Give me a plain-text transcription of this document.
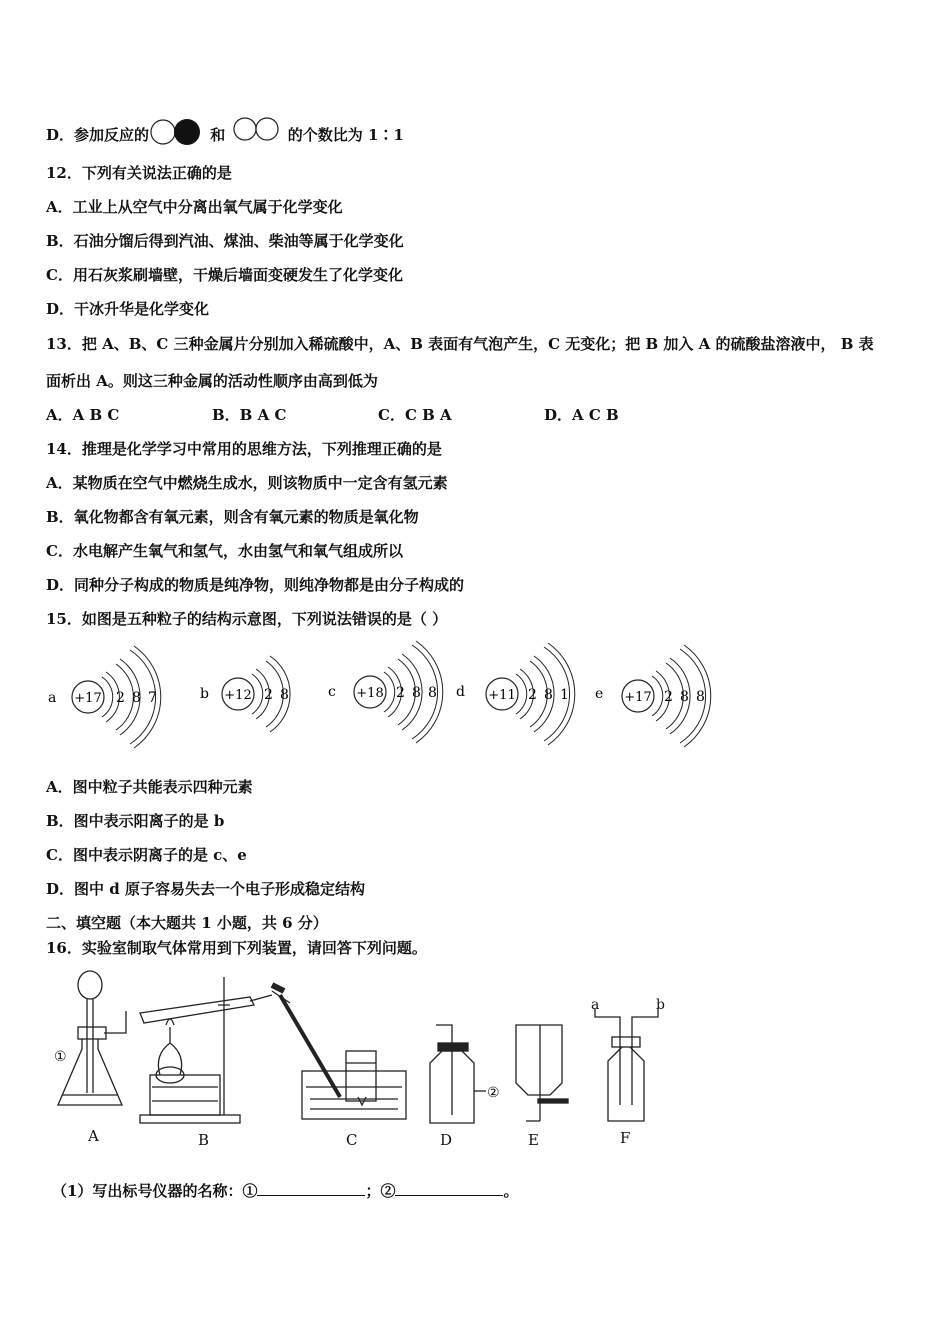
D．参加反应的	和	的个数比为 1∶1
12．下列有关说法正确的是
A．工业上从空气中分离出氧气属于化学变化
B．石油分馏后得到汽油、煤油、柴油等属于化学变化
C．用石灰浆刷墙壁，干燥后墙面变硬发生了化学变化
D．干冰升华是化学变化
13．把 A、B、C 三种金属片分别加入稀硫酸中，A、B 表面有气泡产生，C 无变化；把 B 加入 A 的硫酸盐溶液中， B 表
面析出 A。则这三种金属的活动性顺序由高到低为
A．A B C	B．B A C	C．C B A	D．A C B
14．推理是化学学习中常用的思维方法，下列推理正确的是
A．某物质在空气中燃烧生成水，则该物质中一定含有氢元素
B．氧化物都含有氧元素，则含有氧元素的物质是氧化物
C．水电解产生氧气和氢气，水由氢气和氧气组成所以
D．同种分子构成的物质是纯净物，则纯净物都是由分子构成的
15．如图是五种粒子的结构示意图，下列说法错误的是（ ）
a +17 2 8 7	b +12 2 8	c +18 2 8 8 d +11 2 8 1 e +17 2 8 8
A．图中粒子共能表示四种元素
B．图中表示阳离子的是 b
C．图中表示阴离子的是 c、e
D．图中 d 原子容易失去一个电子形成稳定结构
二、填空题（本大题共 1 小题，共 6 分）
16．实验室制取气体常用到下列装置，请回答下列问题。
A
①
B	C
②
D	E
a	b
F
（1）写出标号仪器的名称：①	；②	。
